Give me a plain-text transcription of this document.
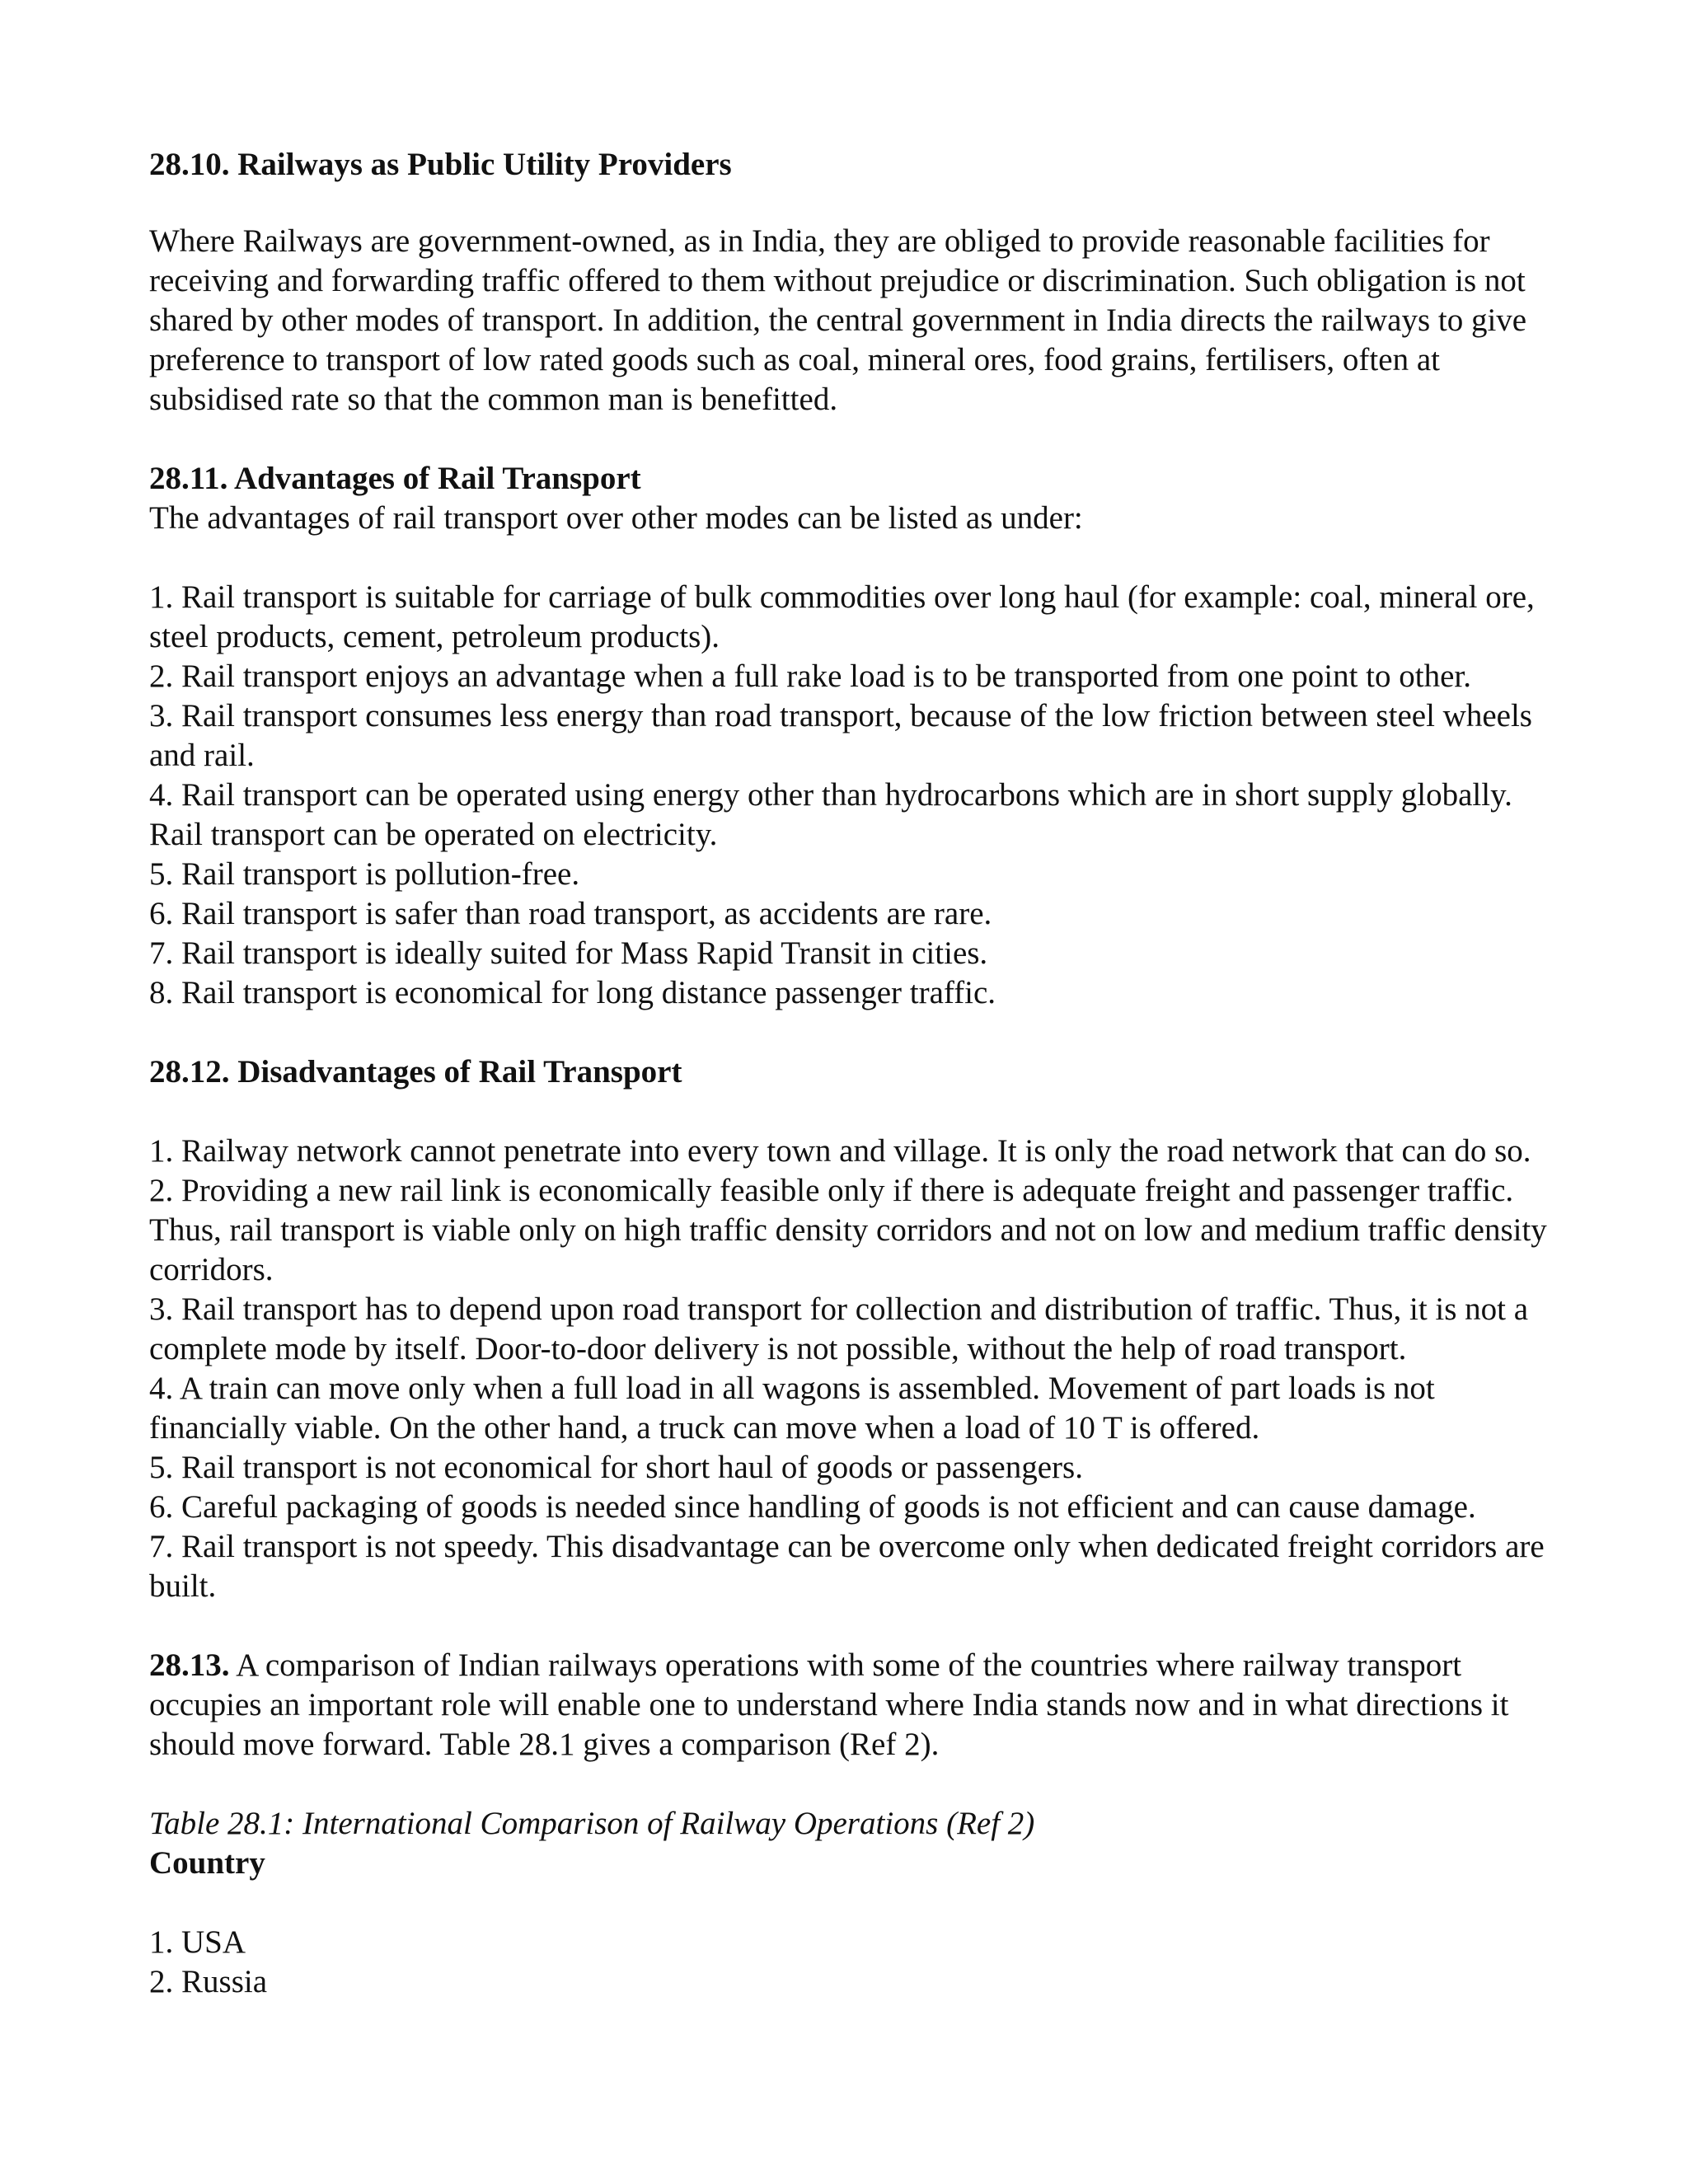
28.10. Railways as Public Utility Providers

Where Railways are government-owned, as in India, they are obliged to provide reasonable facilities for receiving and forwarding traffic offered to them without prejudice or discrimination. Such obligation is not shared by other modes of transport. In addition, the central government in India directs the railways to give preference to transport of low rated goods such as coal, mineral ores, food grains, fertilisers, often at subsidised rate so that the common man is benefitted.

28.11. Advantages of Rail Transport

The advantages of rail transport over other modes can be listed as under:

1. Rail transport is suitable for carriage of bulk commodities over long haul (for example: coal, mineral ore, steel products, cement, petroleum products).

2. Rail transport enjoys an advantage when a full rake load is to be transported from one point to other.

3. Rail transport consumes less energy than road transport, because of the low friction between steel wheels and rail.

4. Rail transport can be operated using energy other than hydrocarbons which are in short supply globally. Rail transport can be operated on electricity.

5. Rail transport is pollution-free.

6. Rail transport is safer than road transport, as accidents are rare.

7. Rail transport is ideally suited for Mass Rapid Transit in cities.

8. Rail transport is economical for long distance passenger traffic.

28.12. Disadvantages of Rail Transport

1. Railway network cannot penetrate into every town and village. It is only the road network that can do so.

2. Providing a new rail link is economically feasible only if there is adequate freight and passenger traffic. Thus, rail transport is viable only on high traffic density corridors and not on low and medium traffic density corridors.

3. Rail transport has to depend upon road transport for collection and distribution of traffic. Thus, it is not a complete mode by itself. Door-to-door delivery is not possible, without the help of road transport.

4. A train can move only when a full load in all wagons is assembled. Movement of part loads is not financially viable. On the other hand, a truck can move when a load of 10 T is offered.

5. Rail transport is not economical for short haul of goods or passengers.

6. Careful packaging of goods is needed since handling of goods is not efficient and can cause damage.

7. Rail transport is not speedy. This disadvantage can be overcome only when dedicated freight corridors are built.

28.13. A comparison of Indian railways operations with some of the countries where railway transport occupies an important role will enable one to understand where India stands now and in what directions it should move forward. Table 28.1 gives a comparison (Ref 2).

Table 28.1: International Comparison of Railway Operations (Ref 2)

Country

1. USA

2. Russia
